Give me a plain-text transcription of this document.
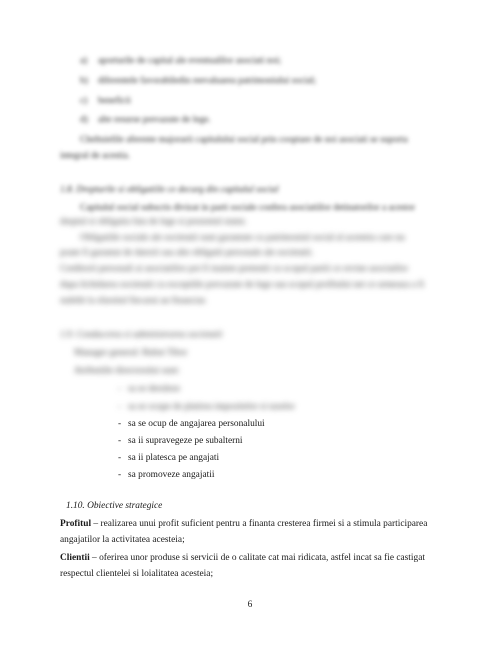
a) aporturile de capital ale eventualilor asociati noi;
b) diferentele favorabiledin reevaluarea patrimoniului social;
c) beneficii
d) alte resurse prevazute de lege.
Cheltuielile aferente majorarii capitalului social prin cooptare de noi asociati se suporta
integral de acestia.
1.8. Drepturile si obligatiile ce decurg din capitalul social
Capitalul social subscris divizat in parti sociale confera asociatiilor detinatorilor a acestor
dreptul si obligatia fata de lege si prezentul statut.
Obligatiile sociale ale societatii sunt garantate cu patrimoniul social al acesteia care nu
poate fi garantat de datorii sau alte obligatii personale ale societatii.
Creditorii personali ai asociatiilor pot fi inainte pretentii cu scopul partii ce revine asociatilor
dupa lichidarea societatii cu exceptiile prevazute de lege sau scopul profitului net ce urmeaza a fi
stabilit la sfarsitul fiecarui an financiar.
1.9. Conducerea si administrarea societatii
Manager general: Baltat Tibor
Atributiile directorului sunt:
- sa se deruleze
- sa se ocupe de platirea impozitelor si taxelor
- sa se ocup de angajarea personalului
- sa ii supravegeze pe subalterni
- sa ii platesca pe angajati
- sa promoveze angajatii
1.10. Obiective strategice
Profitul – realizarea unui profit suficient pentru a finanta cresterea firmei si a stimula participarea
angajatilor la activitatea acesteia;
Clientii – oferirea unor produse si servicii de o calitate cat mai ridicata, astfel incat sa fie castigat
respectul clientelei si loialitatea acesteia;
6
